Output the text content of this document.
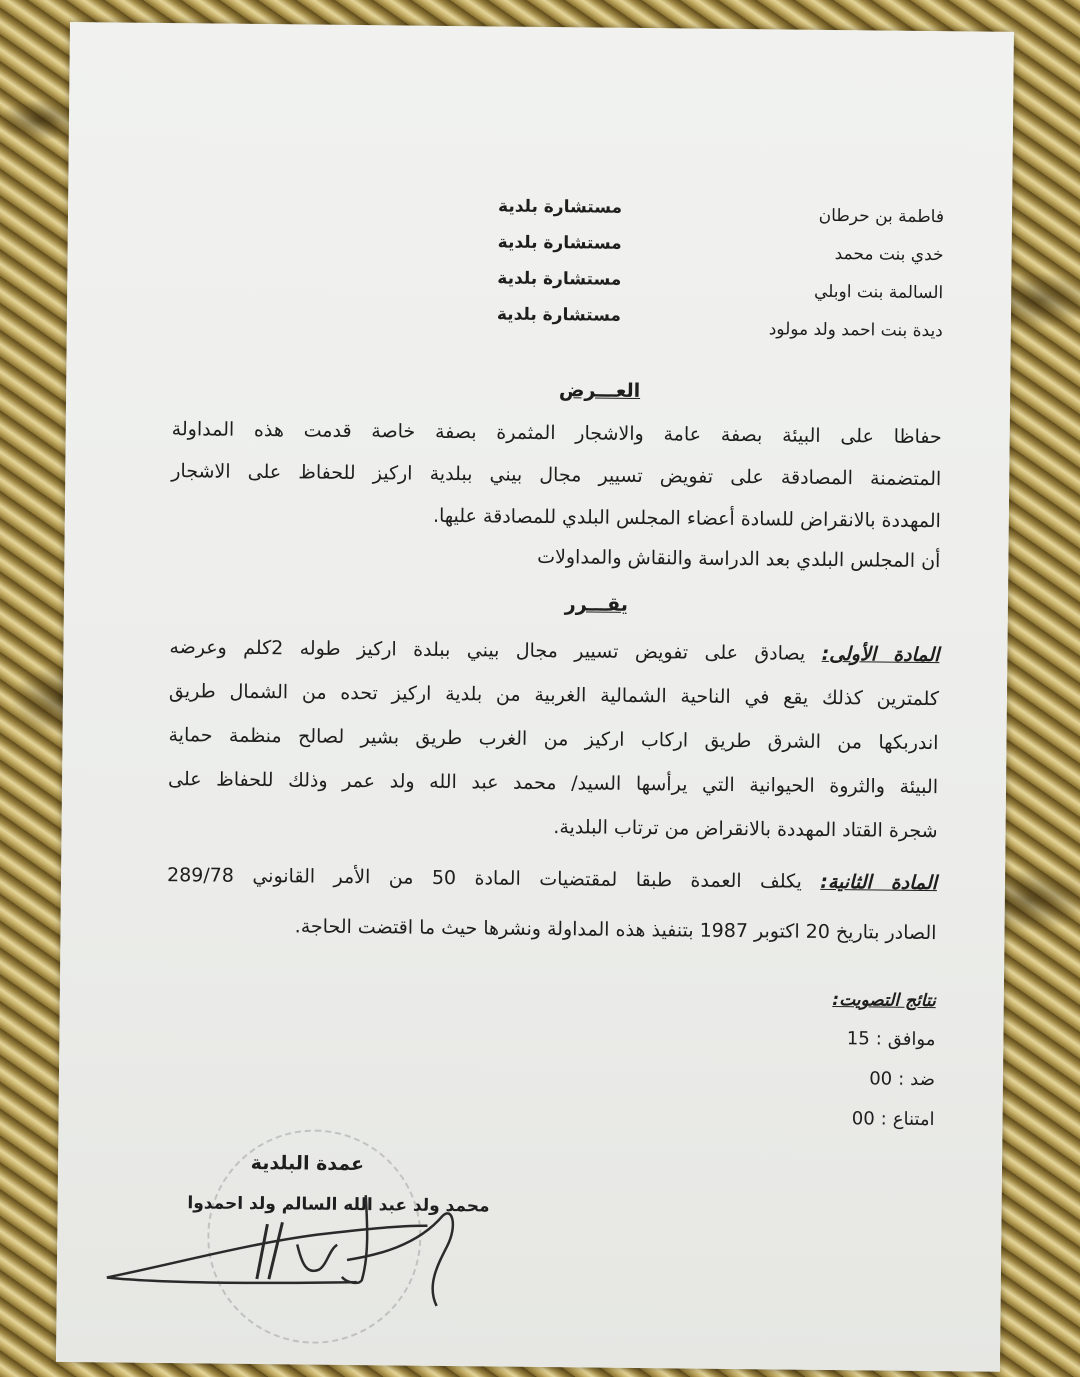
فاطمة بن حرطان
مستشارة بلدية
خدي بنت محمد
مستشارة بلدية
السالمة بنت اوبلي
مستشارة بلدية
ديدة بنت احمد ولد مولود
مستشارة بلدية
العـــرض
حفاظا على البيئة بصفة عامة والاشجار المثمرة بصفة خاصة قدمت هذه المداولة
المتضمنة المصادقة على تفويض تسيير مجال بيني ببلدية اركيز للحفاظ على الاشجار
المهددة بالانقراض للسادة أعضاء المجلس البلدي للمصادقة عليها.
أن المجلس البلدي بعد الدراسة والنقاش والمداولات
يقـــرر
المادة الأولى: يصادق على تفويض تسيير مجال بيني ببلدة اركيز طوله 2كلم وعرضه
كلمترين كذلك يقع في الناحية الشمالية الغربية من بلدية اركيز تحده من الشمال طريق
اندربكها من الشرق طريق اركاب اركيز من الغرب طريق بشير لصالح منظمة حماية
البيئة والثروة الحيوانية التي يرأسها السيد/ محمد عبد الله ولد عمر وذلك للحفاظ على
شجرة القتاد المهددة بالانقراض من ترتاب البلدية.
المادة الثانية: يكلف العمدة طبقا لمقتضيات المادة 50 من الأمر القانوني 289/78
الصادر بتاريخ 20 اكتوبر 1987 بتنفيذ هذه المداولة ونشرها حيث ما اقتضت الحاجة.
نتائج التصويت:
موافق:15
ضد:00
امتناع:00
عمدة البلدية
محمد ولد عبد الله السالم ولد احمدوا
